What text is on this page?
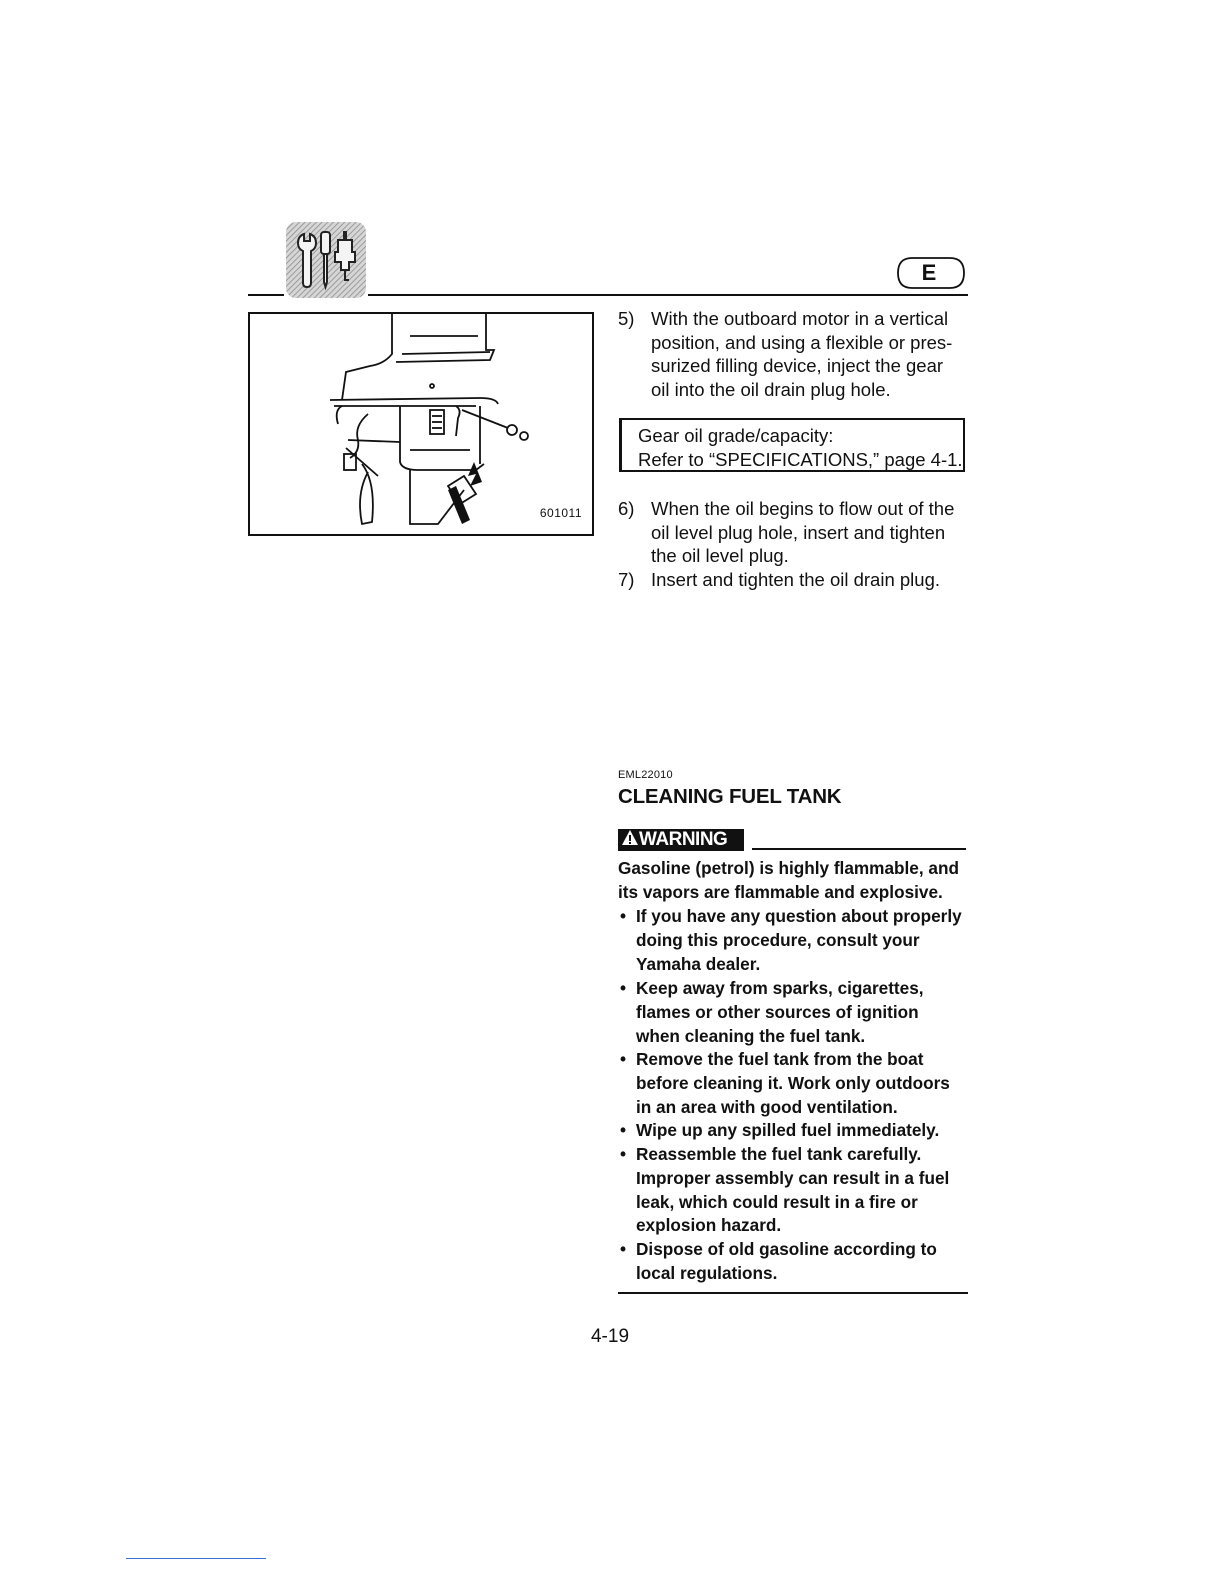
E
601011
5) With the outboard motor in a vertical
position, and using a flexible or pres-
surized filling device, inject the gear
oil into the oil drain plug hole.
Gear oil grade/capacity:
Refer to “SPECIFICATIONS,” page 4-1.
6) When the oil begins to flow out of the
oil level plug hole, insert and tighten
the oil level plug.
7) Insert and tighten the oil drain plug.
EML22010
CLEANING FUEL TANK
WARNING
Gasoline (petrol) is highly flammable, and
its vapors are flammable and explosive.
• If you have any question about properly
doing this procedure, consult your
Yamaha dealer.
• Keep away from sparks, cigarettes,
flames or other sources of ignition
when cleaning the fuel tank.
• Remove the fuel tank from the boat
before cleaning it. Work only outdoors
in an area with good ventilation.
• Wipe up any spilled fuel immediately.
• Reassemble the fuel tank carefully.
Improper assembly can result in a fuel
leak, which could result in a fire or
explosion hazard.
• Dispose of old gasoline according to
local regulations.
4-19
